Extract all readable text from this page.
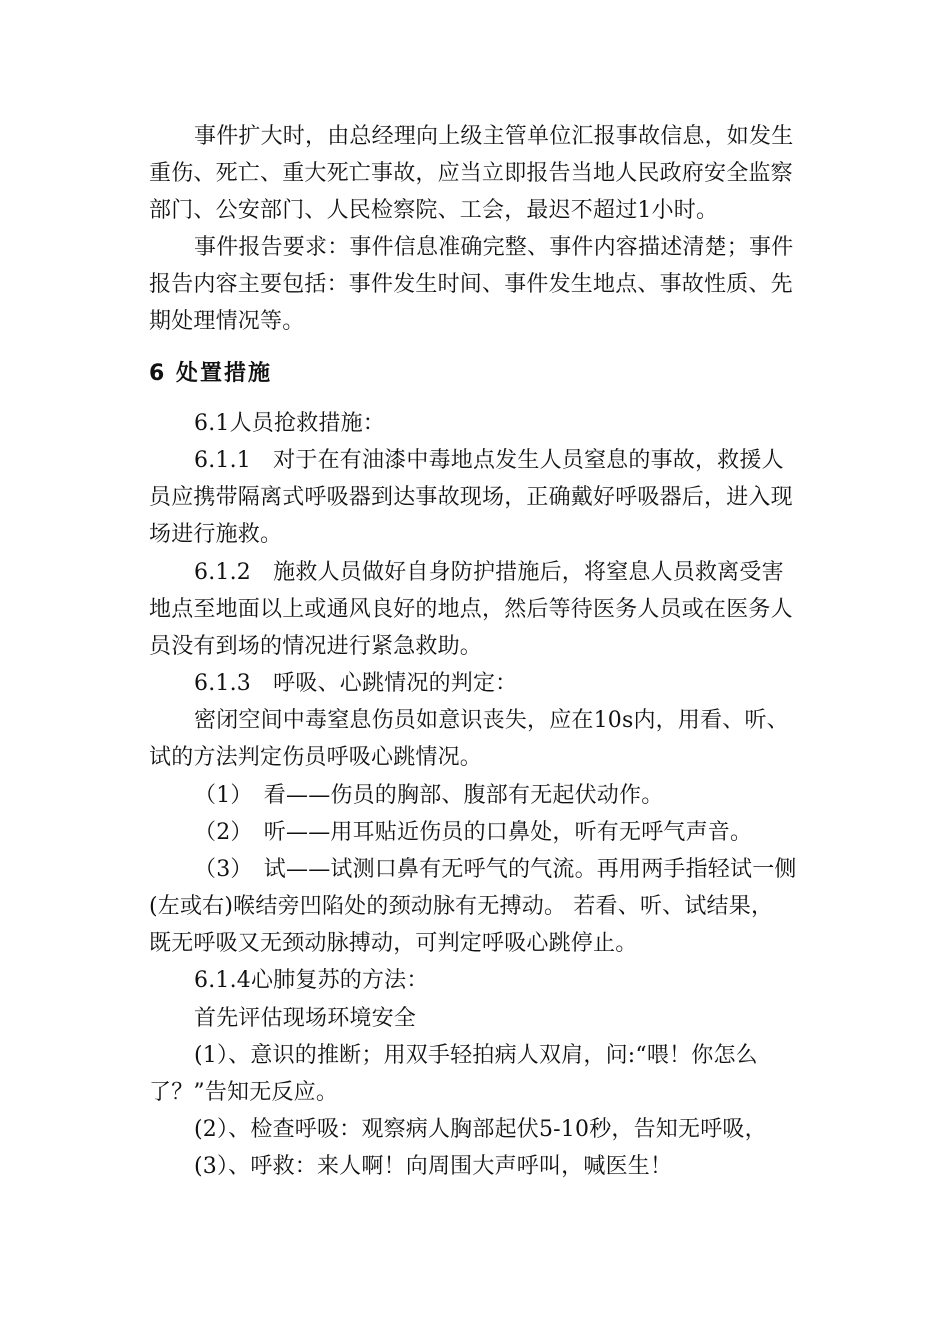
事件扩大时，由总经理向上级主管单位汇报事故信息，如发生
重伤、死亡、重大死亡事故，应当立即报告当地人民政府安全监察
部门、公安部门、人民检察院、工会，最迟不超过1小时。
事件报告要求：事件信息准确完整、事件内容描述清楚；事件
报告内容主要包括：事件发生时间、事件发生地点、事故性质、先
期处理情况等。
6 处置措施
6.1人员抢救措施：
6.1.1　对于在有油漆中毒地点发生人员窒息的事故，救援人
员应携带隔离式呼吸器到达事故现场，正确戴好呼吸器后，进入现
场进行施救。
6.1.2　施救人员做好自身防护措施后，将窒息人员救离受害
地点至地面以上或通风良好的地点，然后等待医务人员或在医务人
员没有到场的情况进行紧急救助。
6.1.3　呼吸、心跳情况的判定：
密闭空间中毒窒息伤员如意识丧失，应在10s内，用看、听、
试的方法判定伤员呼吸心跳情况。
（1）　看——伤员的胸部、腹部有无起伏动作。
（2）　听——用耳贴近伤员的口鼻处，听有无呼气声音。
（3）　试——试测口鼻有无呼气的气流。再用两手指轻试一侧
(左或右)喉结旁凹陷处的颈动脉有无搏动。 若看、听、试结果，
既无呼吸又无颈动脉搏动，可判定呼吸心跳停止。
6.1.4心肺复苏的方法：
首先评估现场环境安全
(1）、意识的推断；用双手轻拍病人双肩，问:“喂！你怎么
了？”告知无反应。
(2）、检查呼吸：观察病人胸部起伏5-10秒，告知无呼吸，
(3）、呼救：来人啊！向周围大声呼叫，喊医生！
